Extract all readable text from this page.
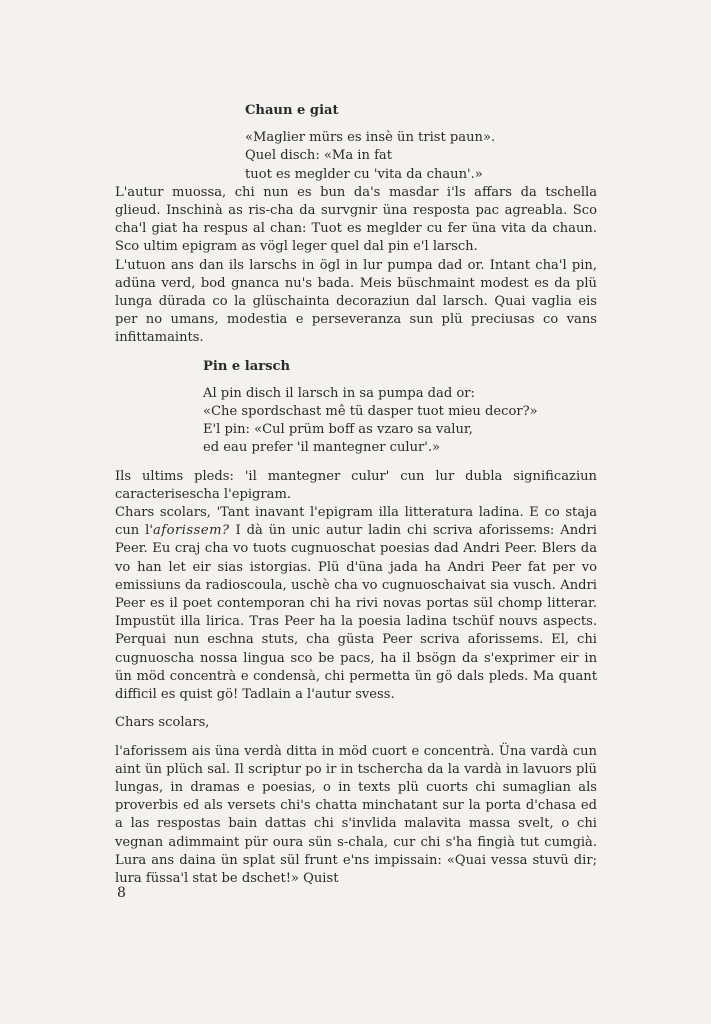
Chaun e giat
«Maglier mürs es insè ün trist paun».
Quel disch: «Ma in fat
tuot es meglder cu 'vita da chaun'.»

L'autur muossa, chi nun es bun da's masdar i'ls affars da tschella glieud. Inschinà as ris-cha da survgnir üna resposta pac agreabla. Sco cha'l giat ha respus al chan: Tuot es meglder cu fer üna vita da chaun. Sco ultim epigram as vögl leger quel dal pin e'l larsch.

L'utuon ans dan ils larschs in ögl in lur pumpa dad or. Intant cha'l pin, adüna verd, bod gnanca nu's bada. Meis büschmaint modest es da plü lunga dürada co la glüschainta decoraziun dal larsch. Quai vaglia eis per no umans, modestia e perseveranza sun plü preciusas co vans infittamaints.

Pin e larsch
Al pin disch il larsch in sa pumpa dad or:
«Che spordschast mê tü dasper tuot mieu decor?»
E'l pin: «Cul prüm boff as vzaro sa valur,
ed eau prefer 'il mantegner culur'.»

Ils ultims pleds: 'il mantegner culur' cun lur dubla significaziun caracterisescha l'epigram.

Chars scolars, 'Tant inavant l'epigram illa litteratura ladina. E co staja cun l'aforissem? I dà ün unic autur ladin chi scriva aforissems: Andri Peer. Eu craj cha vo tuots cugnuoschat poesias dad Andri Peer. Blers da vo han let eir sias istorgias. Plü d'üna jada ha Andri Peer fat per vo emissiuns da radioscoula, uschè cha vo cugnuoschaivat sia vusch. Andri Peer es il poet contemporan chi ha rivi novas portas sül chomp litterar. Impustüt illa lirica. Tras Peer ha la poesia ladina tschüf nouvs aspects. Perquai nun eschna stuts, cha güsta Peer scriva aforissems. El, chi cugnuoscha nossa lingua sco be pacs, ha il bsögn da s'exprimer eir in ün möd concentrà e condensà, chi permetta ün gö dals pleds. Ma quant difficil es quist gö! Tadlain a l'autur svess.

Chars scolars,

l'aforissem ais üna verdà ditta in möd cuort e concentrà. Üna vardà cun aint ün plüch sal. Il scriptur po ir in tschercha da la vardà in lavuors plü lungas, in dramas e poesias, o in texts plü cuorts chi sumaglian als proverbis ed als versets chi's chatta minchatant sur la porta d'chasa ed a las respostas bain dattas chi s'invlida malavita massa svelt, o chi vegnan adimmaint pür oura sün s-chala, cur chi s'ha fingià tut cumgià. Lura ans daina ün splat sül frunt e'ns impissain: «Quai vessa stuvü dir; lura füssa'l stat be dschet!» Quist

8
